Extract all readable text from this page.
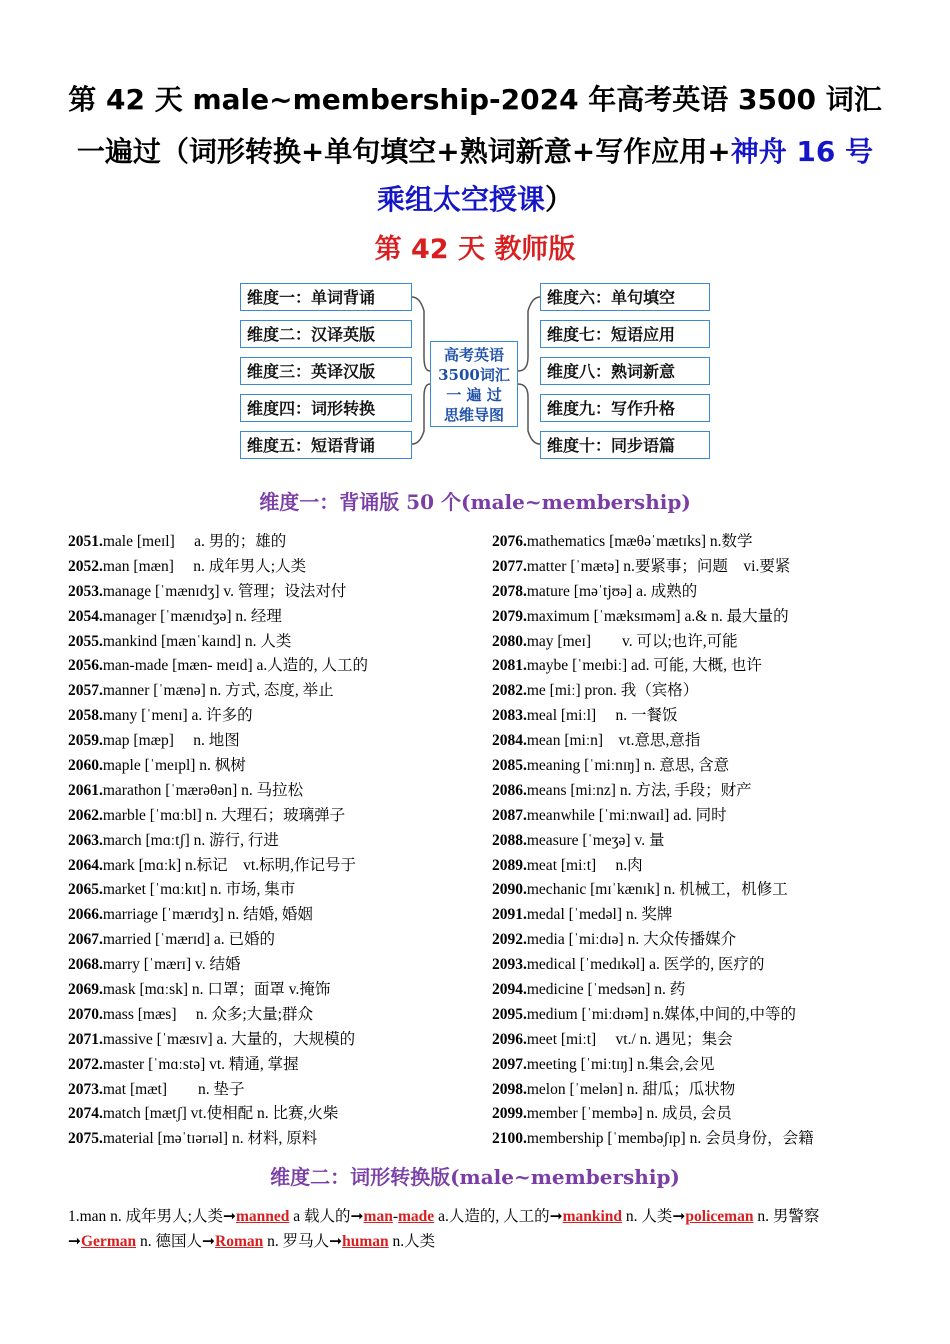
第 42 天 male~membership-2024 年高考英语 3500 词汇
一遍过（词形转换+单句填空+熟词新意+写作应用+神舟 16 号
乘组太空授课）
第 42 天 教师版
维度一：单词背诵
维度二：汉译英版
维度三：英译汉版
维度四：词形转换
维度五：短语背诵
维度六：单句填空
维度七：短语应用
维度八：熟词新意
维度九：写作升格
维度十：同步语篇
高考英语
3500词汇
一 遍 过
思维导图
维度一：背诵版 50 个(male~membership)
2051.male [meɪl]　 a. 男的；雄的
2052.man [mæn]　 n. 成年男人;人类
2053.manage [ˈmænɪdʒ] v. 管理；设法对付
2054.manager [ˈmænɪdʒə] n. 经理
2055.mankind [mænˈkaɪnd] n. 人类
2056.man-made [mæn- meɪd] a.人造的, 人工的
2057.manner [ˈmænə] n. 方式, 态度, 举止
2058.many [ˈmenɪ] a. 许多的
2059.map [mæp]　 n. 地图
2060.maple [ˈmeɪpl] n. 枫树
2061.marathon [ˈmærəθən] n. 马拉松
2062.marble [ˈmɑːbl] n. 大理石；玻璃弹子
2063.march [mɑːtʃ] n. 游行, 行进
2064.mark [mɑːk] n.标记　vt.标明,作记号于
2065.market [ˈmɑːkɪt] n. 市场, 集市
2066.marriage [ˈmærɪdʒ] n. 结婚, 婚姻
2067.married [ˈmærɪd] a. 已婚的
2068.marry [ˈmærɪ] v. 结婚
2069.mask [mɑːsk] n. 口罩；面罩 v.掩饰
2070.mass [mæs]　 n. 众多;大量;群众
2071.massive [ˈmæsɪv] a. 大量的，大规模的
2072.master [ˈmɑːstə] vt. 精通, 掌握
2073.mat [mæt]　　n. 垫子
2074.match [mætʃ] vt.使相配 n. 比赛,火柴
2075.material [məˈtɪərɪəl] n. 材料, 原料
2076.mathematics [mæθəˈmætɪks] n.数学
2077.matter [ˈmætə] n.要紧事；问题　vi.要紧
2078.mature [məˈtjʊə] a. 成熟的
2079.maximum [ˈmæksɪməm] a.& n. 最大量的
2080.may [meɪ]　　v. 可以;也许,可能
2081.maybe [ˈmeɪbiː] ad. 可能, 大概, 也许
2082.me [miː] pron. 我（宾格）
2083.meal [miːl]　 n. 一餐饭
2084.mean [miːn]　vt.意思,意指
2085.meaning [ˈmiːnɪŋ] n. 意思, 含意
2086.means [miːnz] n. 方法, 手段；财产
2087.meanwhile [ˈmiːnwaɪl] ad. 同时
2088.measure [ˈmeʒə] v. 量
2089.meat [miːt]　 n.肉
2090.mechanic [mɪˈkænɪk] n. 机械工，机修工
2091.medal [ˈmedəl] n. 奖牌
2092.media [ˈmiːdɪə] n. 大众传播媒介
2093.medical [ˈmedɪkəl] a. 医学的, 医疗的
2094.medicine [ˈmedsən] n. 药
2095.medium [ˈmiːdɪəm] n.媒体,中间的,中等的
2096.meet [miːt]　 vt./ n. 遇见；集会
2097.meeting [ˈmiːtɪŋ] n.集会,会见
2098.melon [ˈmelən] n. 甜瓜；瓜状物
2099.member [ˈmembə] n. 成员, 会员
2100.membership [ˈmembəʃɪp] n. 会员身份，会籍
维度二：词形转换版(male~membership)
1.man n. 成年男人;人类➞manned a 载人的➞man-made a.人造的, 人工的➞mankind n. 人类➞policeman n. 男警察➞German n. 德国人➞Roman n. 罗马人➞human n.人类
